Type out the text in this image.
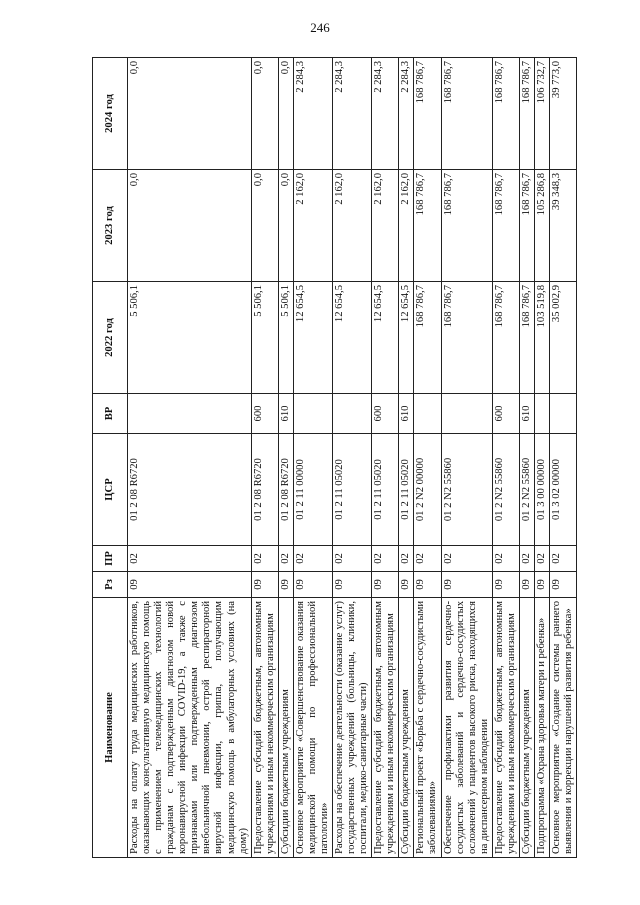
246
Наименование	Рз	ПР	ЦСР	ВР	2022 год	2023 год	2024 год
Расходы на оплату труда медицинских работников, оказывающих консультативную медицинскую помощь с применением телемедицинских технологий гражданам с подтвержденным диагнозом новой коронавирусной инфекции COVID-19, а также с признаками или подтвержденным диагнозом внебольничной пневмонии, острой респираторной вирусной инфекции, гриппа, получающим медицинскую помощь в амбулаторных условиях (на дому)	09	02	01 2 08 R6720		5 506,1	0,0	0,0
Предоставление субсидий бюджетным, автономным учреждениям и иным некоммерческим организациям	09	02	01 2 08 R6720	600	5 506,1	0,0	0,0
Субсидии бюджетным учреждениям	09	02	01 2 08 R6720	610	5 506,1	0,0	0,0
Основное мероприятие «Совершенствование оказания медицинской помощи по профессиональной патологии»	09	02	01 2 11 00000		12 654,5	2 162,0	2 284,3
Расходы на обеспечение деятельности (оказание услуг) государственных учреждений (больницы, клиники, госпитали, медико-санитарные части)	09	02	01 2 11 05020		12 654,5	2 162,0	2 284,3
Предоставление субсидий бюджетным, автономным учреждениям и иным некоммерческим организациям	09	02	01 2 11 05020	600	12 654,5	2 162,0	2 284,3
Субсидии бюджетным учреждениям	09	02	01 2 11 05020	610	12 654,5	2 162,0	2 284,3
Региональный проект «Борьба с сердечно-сосудистыми заболеваниями»	09	02	01 2 N2 00000		168 786,7	168 786,7	168 786,7
Обеспечение профилактики развития сердечно-сосудистых заболеваний и сердечно-сосудистых осложнений у пациентов высокого риска, находящихся на диспансерном наблюдении	09	02	01 2 N2 55860		168 786,7	168 786,7	168 786,7
Предоставление субсидий бюджетным, автономным учреждениям и иным некоммерческим организациям	09	02	01 2 N2 55860	600	168 786,7	168 786,7	168 786,7
Субсидии бюджетным учреждениям	09	02	01 2 N2 55860	610	168 786,7	168 786,7	168 786,7
Подпрограмма «Охрана здоровья матери и ребенка»	09	02	01 3 00 00000		103 519,8	105 286,8	106 732,7
Основное мероприятие «Создание системы раннего выявления и коррекции нарушений развития ребенка»	09	02	01 3 02 00000		35 002,9	39 348,3	39 773,0
